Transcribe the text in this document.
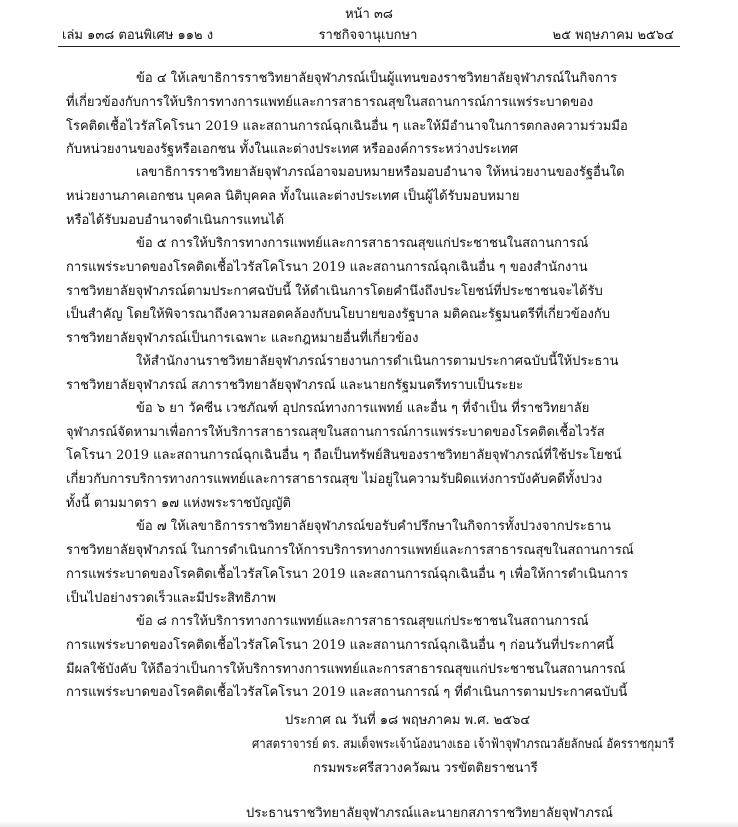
หน้า ๓๘
เล่ม ๑๓๘ ตอนพิเศษ ๑๑๒ ง	ราชกิจจานุเบกษา	๒๕ พฤษภาคม ๒๕๖๔
ข้อ ๔ ให้เลขาธิการราชวิทยาลัยจุฬาภรณ์เป็นผู้แทนของราชวิทยาลัยจุฬาภรณ์ในกิจการ
ที่เกี่ยวข้องกับการให้บริการทางการแพทย์และการสาธารณสุขในสถานการณ์การแพร่ระบาดของ
โรคติดเชื้อไวรัสโคโรนา 2019 และสถานการณ์ฉุกเฉินอื่น ๆ และให้มีอำนาจในการตกลงความร่วมมือ
กับหน่วยงานของรัฐหรือเอกชน ทั้งในและต่างประเทศ หรือองค์การระหว่างประเทศ
เลขาธิการราชวิทยาลัยจุฬาภรณ์อาจมอบหมายหรือมอบอำนาจ ให้หน่วยงานของรัฐอื่นใด
หน่วยงานภาคเอกชน บุคคล นิติบุคคล ทั้งในและต่างประเทศ เป็นผู้ได้รับมอบหมาย
หรือได้รับมอบอำนาจดำเนินการแทนได้
ข้อ ๕ การให้บริการทางการแพทย์และการสาธารณสุขแก่ประชาชนในสถานการณ์
การแพร่ระบาดของโรคติดเชื้อไวรัสโคโรนา 2019 และสถานการณ์ฉุกเฉินอื่น ๆ ของสำนักงาน
ราชวิทยาลัยจุฬาภรณ์ตามประกาศฉบับนี้ ให้ดำเนินการโดยคำนึงถึงประโยชน์ที่ประชาชนจะได้รับ
เป็นสำคัญ โดยให้พิจารณาถึงความสอดคล้องกับนโยบายของรัฐบาล มติคณะรัฐมนตรีที่เกี่ยวข้องกับ
ราชวิทยาลัยจุฬาภรณ์เป็นการเฉพาะ และกฎหมายอื่นที่เกี่ยวข้อง
ให้สำนักงานราชวิทยาลัยจุฬาภรณ์รายงานการดำเนินการตามประกาศฉบับนี้ให้ประธาน
ราชวิทยาลัยจุฬาภรณ์ สภาราชวิทยาลัยจุฬาภรณ์ และนายกรัฐมนตรีทราบเป็นระยะ
ข้อ ๖ ยา วัคซีน เวชภัณฑ์ อุปกรณ์ทางการแพทย์ และอื่น ๆ ที่จำเป็น ที่ราชวิทยาลัย
จุฬาภรณ์จัดหามาเพื่อการให้บริการสาธารณสุขในสถานการณ์การแพร่ระบาดของโรคติดเชื้อไวรัส
โคโรนา 2019 และสถานการณ์ฉุกเฉินอื่น ๆ ถือเป็นทรัพย์สินของราชวิทยาลัยจุฬาภรณ์ที่ใช้ประโยชน์
เกี่ยวกับการบริการทางการแพทย์และการสาธารณสุข ไม่อยู่ในความรับผิดแห่งการบังคับคดีทั้งปวง
ทั้งนี้ ตามมาตรา ๑๗ แห่งพระราชบัญญัติ
ข้อ ๗ ให้เลขาธิการราชวิทยาลัยจุฬาภรณ์ขอรับคำปรึกษาในกิจการทั้งปวงจากประธาน
ราชวิทยาลัยจุฬาภรณ์ ในการดำเนินการให้การบริการทางการแพทย์และการสาธารณสุขในสถานการณ์
การแพร่ระบาดของโรคติดเชื้อไวรัสโคโรนา 2019 และสถานการณ์ฉุกเฉินอื่น ๆ เพื่อให้การดำเนินการ
เป็นไปอย่างรวดเร็วและมีประสิทธิภาพ
ข้อ ๘ การให้บริการทางการแพทย์และการสาธารณสุขแก่ประชาชนในสถานการณ์
การแพร่ระบาดของโรคติดเชื้อไวรัสโคโรนา 2019 และสถานการณ์ฉุกเฉินอื่น ๆ ก่อนวันที่ประกาศนี้
มีผลใช้บังคับ ให้ถือว่าเป็นการให้บริการทางการแพทย์และการสาธารณสุขแก่ประชาชนในสถานการณ์
การแพร่ระบาดของโรคติดเชื้อไวรัสโคโรนา 2019 และสถานการณ์ ๆ ที่ดำเนินการตามประกาศฉบับนี้
ประกาศ ณ วันที่ ๑๘ พฤษภาคม พ.ศ. ๒๕๖๔
ศาสตราจารย์ ดร. สมเด็จพระเจ้าน้องนางเธอ เจ้าฟ้าจุฬาภรณวลัยลักษณ์ อัครราชกุมารี
กรมพระศรีสวางควัฒน วรขัตติยราชนารี
ประธานราชวิทยาลัยจุฬาภรณ์และนายกสภาราชวิทยาลัยจุฬาภรณ์
